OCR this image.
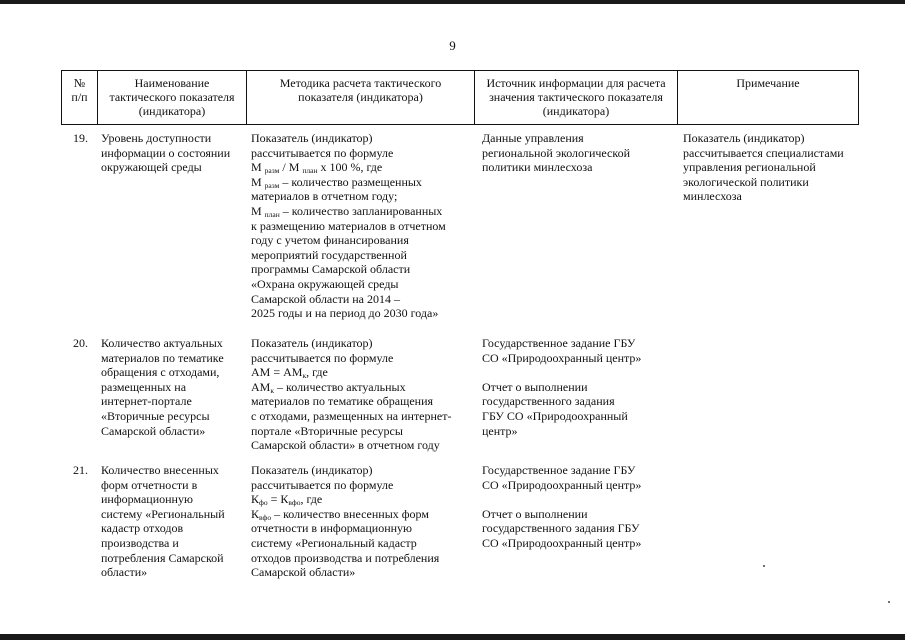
9
№
п/п
Наименование
тактического показателя
(индикатора)
Методика расчета тактического
показателя (индикатора)
Источник информации для расчета
значения тактического показателя
(индикатора)
Примечание
19. Уровень доступности
информации о состоянии
окружающей среды
Показатель (индикатор)
рассчитывается по формуле
М $_{разм}$ / М $_{план}$ х 100 %, где
М $_{разм}$ – количество размещенных
материалов в отчетном году;
М $_{план}$ – количество запланированных
к размещению материалов в отчетном
году с учетом финансирования
мероприятий государственной
программы Самарской области
«Охрана окружающей среды
Самарской области на 2014 –
2025 годы и на период до 2030 года»
Данные управления
региональной экологической
политики минлесхоза
Показатель (индикатор)
рассчитывается специалистами
управления региональной
экологической политики
минлесхоза
20. Количество актуальных
материалов по тематике
обращения с отходами,
размещенных на
интернет-портале
«Вторичные ресурсы
Самарской области»
Показатель (индикатор)
рассчитывается по формуле
АМ = $АМ_к$, где
$АМ_к$ – количество актуальных
материалов по тематике обращения
с отходами, размещенных на интернет-
портале «Вторичные ресурсы
Самарской области» в отчетном году
Государственное задание ГБУ
СО «Природоохранный центр»

Отчет о выполнении
государственного задания
ГБУ СО «Природоохранный
центр»
21. Количество внесенных
форм отчетности в
информационную
систему «Региональный
кадастр отходов
производства и
потребления Самарской
области»
Показатель (индикатор)
рассчитывается по формуле
$К_{фо} = К_{вфо}$, где
$К_{вфо}$ – количество внесенных форм
отчетности в информационную
систему «Региональный кадастр
отходов производства и потребления
Самарской области»
Государственное задание ГБУ
СО «Природоохранный центр»

Отчет о выполнении
государственного задания ГБУ
СО «Природоохранный центр»
